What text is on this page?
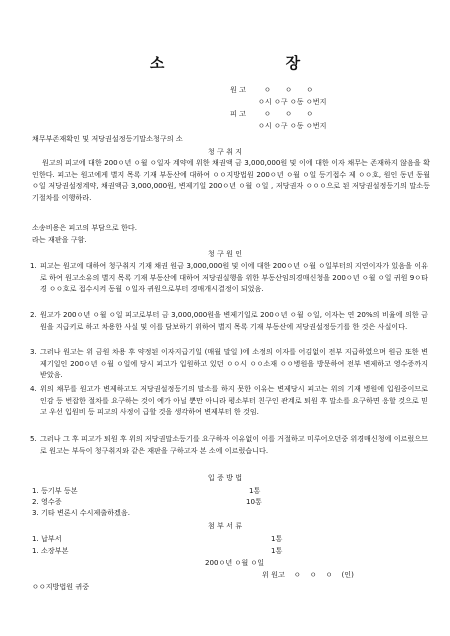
소 장
원 고	ㅇ ㅇ ㅇ
ㅇ시 ㅇ구 ㅇ동 ㅇ번지
피 고	ㅇ ㅇ ㅇ
ㅇ시 ㅇ구 ㅇ동 ㅇ번지
채무부존재확인 및 저당권설정등기말소청구의 소
청 구 취 지
원고의 피고에 대한 200ㅇ년 ㅇ월 ㅇ일자 계약에 위한 채권액 금 3,000,000원 및 이에 대한 이자 채무는 존재하지 않음을 확인한다. 피고는 원고에게 별지 목록 기재 부동산에 대하여 ㅇㅇ지방법원 200ㅇ년 ㅇ월 ㅇ일 등기접수 제 ㅇㅇ호, 원인 동년 동월 ㅇ일 저당권설정계약, 채권액금 3,000,000원, 변제기일 200ㅇ년 ㅇ월 ㅇ일 , 저당권자 ㅇㅇㅇ으로 된 저당권설정등기의 말소등기절차를 이행하라.
소송비용은 피고의 부담으로 한다.
라는 재판을 구함.
청 구 원 인
1. 피고는 원고에 대하여 청구취지 기재 채권 원금 3,000,000원 및 이에 대한 200ㅇ년 ㅇ월 ㅇ일부터의 지연이자가 있음을 이유로 하여 원고소유의 별지 목록 기재 부동산에 대하여 저당권실행을 위한 부동산임의경매신청을 200ㅇ년 ㅇ월 ㅇ일 귀원 9ㅇ타경 ㅇㅇ호로 접수시켜 동월 ㅇ일자 귀원으로부터 경매개시결정이 되었음.
2. 원고가 200ㅇ년 ㅇ월 ㅇ일 피고로부터 금 3,000,000원을 변제기일로 200ㅇ년 ㅇ월 ㅇ일, 이자는 연 20%의 비율에 의한 금원을 지급키로 하고 차용한 사실 및 이를 담보하기 위하여 별지 목록 기재 부동산에 저당권설정등기를 한 것은 사실이다.
3. 그러나 원고는 위 금원 차용 후 약정된 이자지급기일 (매월 말일 )에 소정의 이자를 어김없이 전부 지급하였으며 원금 또한 변제기일인 200ㅇ년 ㅇ월 ㅇ일에 당시 피고가 입원하고 있던 ㅇㅇ시 ㅇㅇ소재 ㅇㅇ병원을 방문하여 전부 변제하고 영수증까지 받았음.
4. 위의 채무를 원고가 변제하고도 저당권설정등기의 말소를 하지 못한 이유는 변제당시 피고는 위의 기재 병원에 입원중이므로 인감 등 번잡한 절차를 요구하는 것이 예가 아닐 뿐만 아니라 평소부터 친구인 관계로 퇴원 후 말소를 요구하면 응할 것으로 믿고 우선 입원비 등 피고의 사정이 급할 것을 생각하여 변제부터 한 것임.
5. 그러나 그 후 피고가 퇴원 후 위의 저당권말소등기를 요구하자 이유없이 이를 거절하고 미루어오던중 위경매신청에 이르렀으므로 원고는 부득이 청구취지와 같은 재판을 구하고자 본 소에 이르렀습니다.
입 증 방 법
1. 등기부 등본	1통
2. 영수증	10통
3. 기타 변론시 수시제출하겠음.
첨 부 서 류
1. 납부서	1통
1. 소장부본	1통
200ㅇ년 ㅇ월 ㅇ일
위 원고    ㅇ    ㅇ    ㅇ    (인)
ㅇㅇ지방법원 귀중
